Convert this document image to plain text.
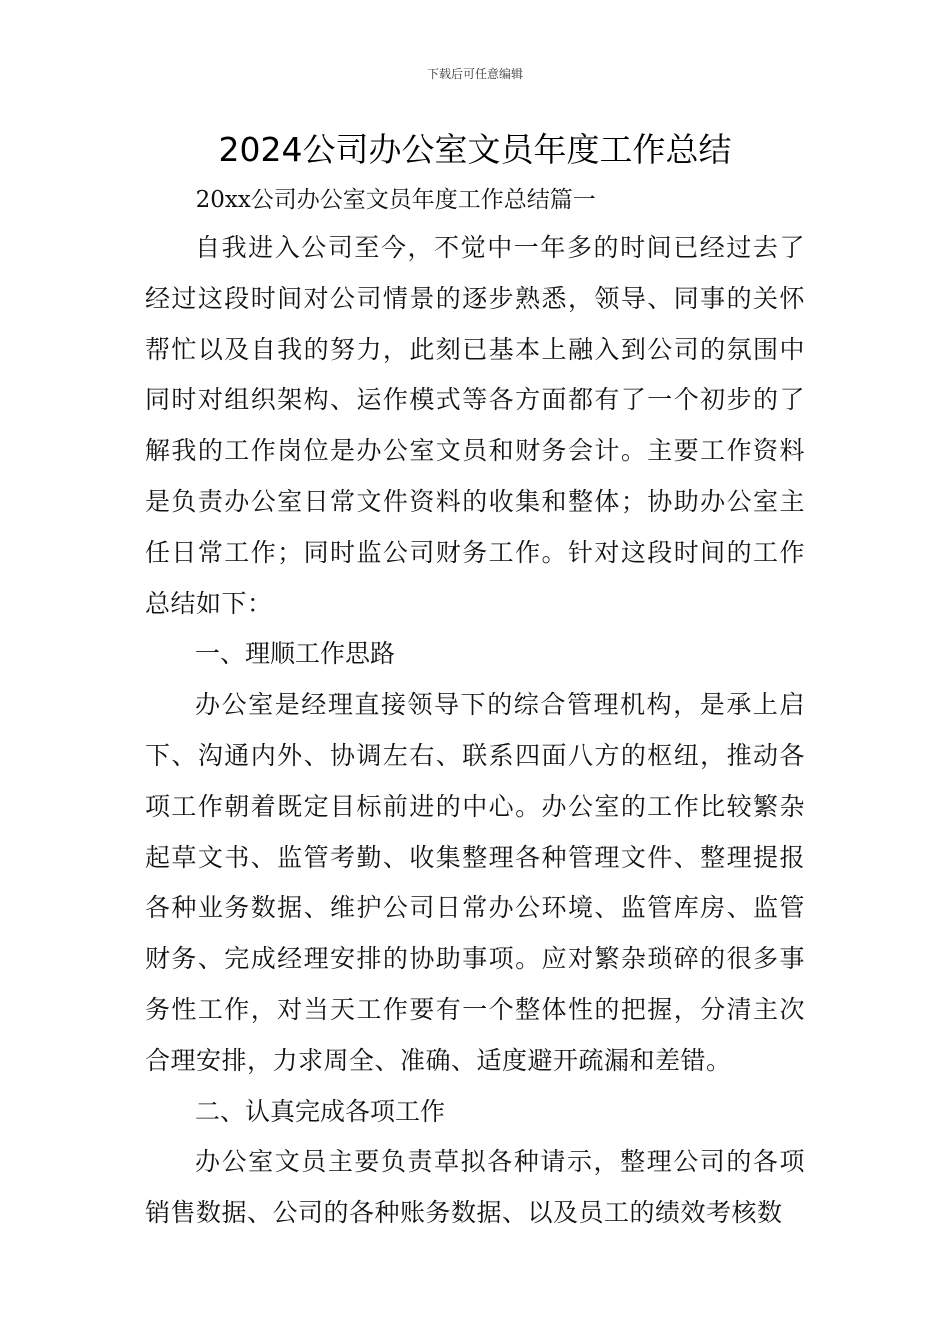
下载后可任意编辑
2024公司办公室文员年度工作总结

20xx公司办公室文员年度工作总结篇一

自我进入公司至今，不觉中一年多的时间已经过去了经过这段时间对公司情景的逐步熟悉，领导、同事的关怀帮忙以及自我的努力，此刻已基本上融入到公司的氛围中同时对组织架构、运作模式等各方面都有了一个初步的了解我的工作岗位是办公室文员和财务会计。主要工作资料是负责办公室日常文件资料的收集和整体；协助办公室主任日常工作；同时监公司财务工作。针对这段时间的工作总结如下：

一、理顺工作思路

办公室是经理直接领导下的综合管理机构，是承上启下、沟通内外、协调左右、联系四面八方的枢纽，推动各项工作朝着既定目标前进的中心。办公室的工作比较繁杂起草文书、监管考勤、收集整理各种管理文件、整理提报各种业务数据、维护公司日常办公环境、监管库房、监管财务、完成经理安排的协助事项。应对繁杂琐碎的很多事务性工作，对当天工作要有一个整体性的把握，分清主次合理安排，力求周全、准确、适度避开疏漏和差错。

二、认真完成各项工作

办公室文员主要负责草拟各种请示，整理公司的各项销售数据、公司的各种账务数据、以及员工的绩效考核数
